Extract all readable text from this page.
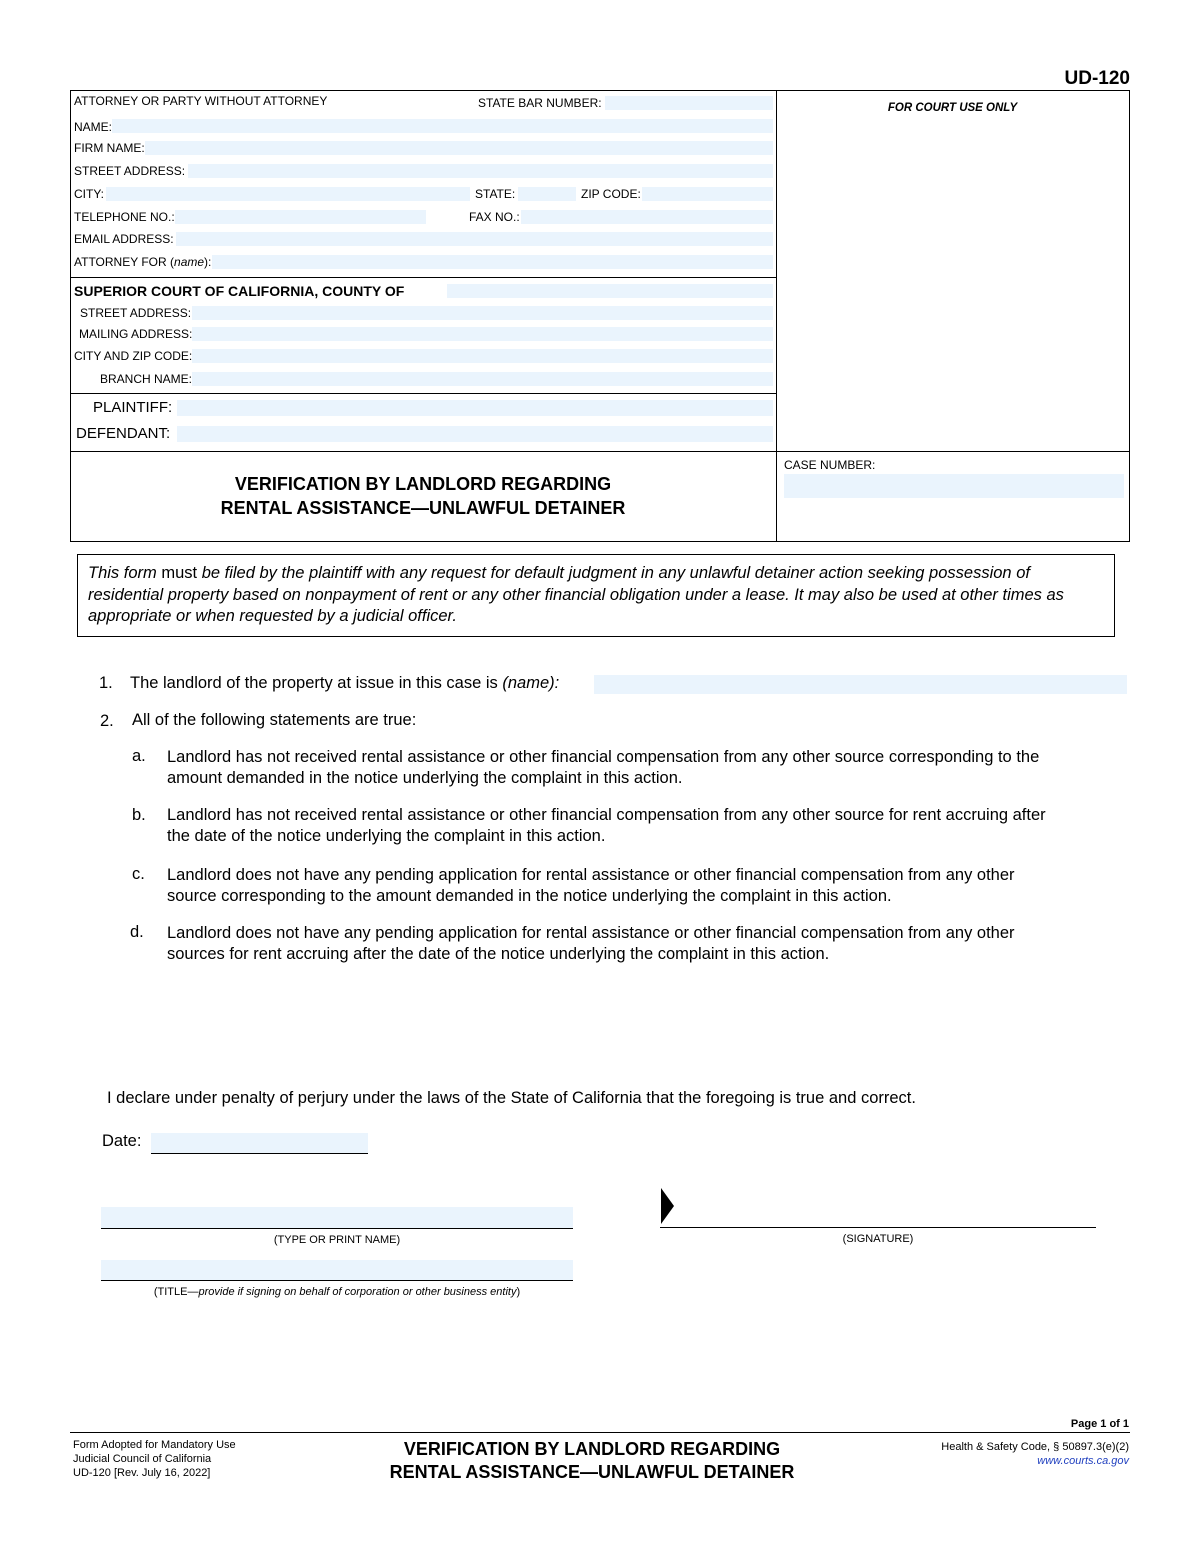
UD-120
ATTORNEY OR PARTY WITHOUT ATTORNEY	STATE BAR NUMBER:
NAME:
FIRM NAME:
STREET ADDRESS:
CITY:	STATE:	ZIP CODE:
TELEPHONE NO.:	FAX NO.:
EMAIL ADDRESS:
ATTORNEY FOR (name):
SUPERIOR COURT OF CALIFORNIA, COUNTY OF
STREET ADDRESS:
MAILING ADDRESS:
CITY AND ZIP CODE:
BRANCH NAME:
PLAINTIFF:
DEFENDANT:
FOR COURT USE ONLY
VERIFICATION BY LANDLORD REGARDING
RENTAL ASSISTANCE—UNLAWFUL DETAINER
CASE NUMBER:
This form must be filed by the plaintiff with any request for default judgment in any unlawful detainer action seeking possession of residential property based on nonpayment of rent or any other financial obligation under a lease. It may also be used at other times as appropriate or when requested by a judicial officer.
1. The landlord of the property at issue in this case is (name):
2. All of the following statements are true:
a. Landlord has not received rental assistance or other financial compensation from any other source corresponding to the
amount demanded in the notice underlying the complaint in this action.
b. Landlord has not received rental assistance or other financial compensation from any other source for rent accruing after
the date of the notice underlying the complaint in this action.
c. Landlord does not have any pending application for rental assistance or other financial compensation from any other
source corresponding to the amount demanded in the notice underlying the complaint in this action.
d. Landlord does not have any pending application for rental assistance or other financial compensation from any other
sources for rent accruing after the date of the notice underlying the complaint in this action.
I declare under penalty of perjury under the laws of the State of California that the foregoing is true and correct.
Date:
(TYPE OR PRINT NAME)
(TITLE—provide if signing on behalf of corporation or other business entity)
(SIGNATURE)
Page 1 of 1
Form Adopted for Mandatory Use
Judicial Council of California
UD-120 [Rev. July 16, 2022]
VERIFICATION BY LANDLORD REGARDING
RENTAL ASSISTANCE—UNLAWFUL DETAINER
Health & Safety Code, § 50897.3(e)(2)
www.courts.ca.gov
